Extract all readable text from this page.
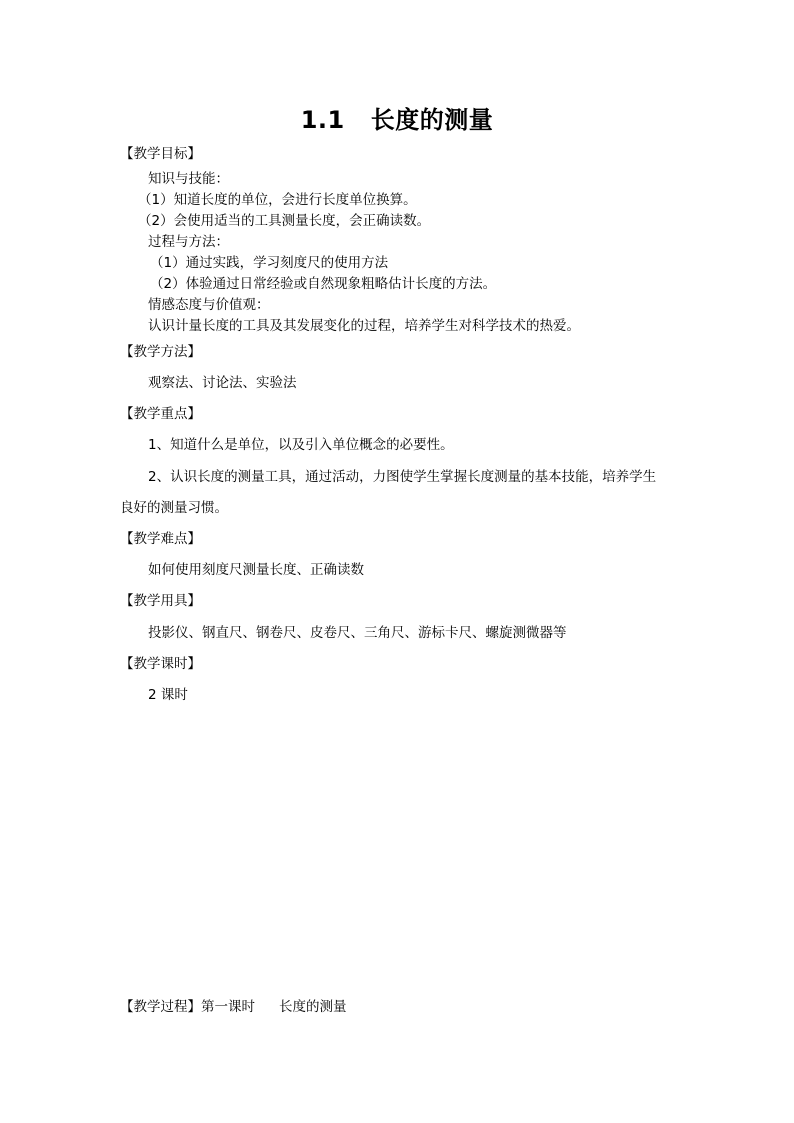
1.1 长度的测量
【教学目标】
知识与技能：
（1）知道长度的单位，会进行长度单位换算。
（2）会使用适当的工具测量长度，会正确读数。
过程与方法：
（1）通过实践，学习刻度尺的使用方法
（2）体验通过日常经验或自然现象粗略估计长度的方法。
情感态度与价值观：
认识计量长度的工具及其发展变化的过程，培养学生对科学技术的热爱。
【教学方法】
观察法、讨论法、实验法
【教学重点】
1、知道什么是单位，以及引入单位概念的必要性。
2、认识长度的测量工具，通过活动，力图使学生掌握长度测量的基本技能，培养学生
良好的测量习惯。
【教学难点】
如何使用刻度尺测量长度、正确读数
【教学用具】
投影仪、钢直尺、钢卷尺、皮卷尺、三角尺、游标卡尺、螺旋测微器等
【教学课时】
2 课时
【教学过程】第一课时 长度的测量
